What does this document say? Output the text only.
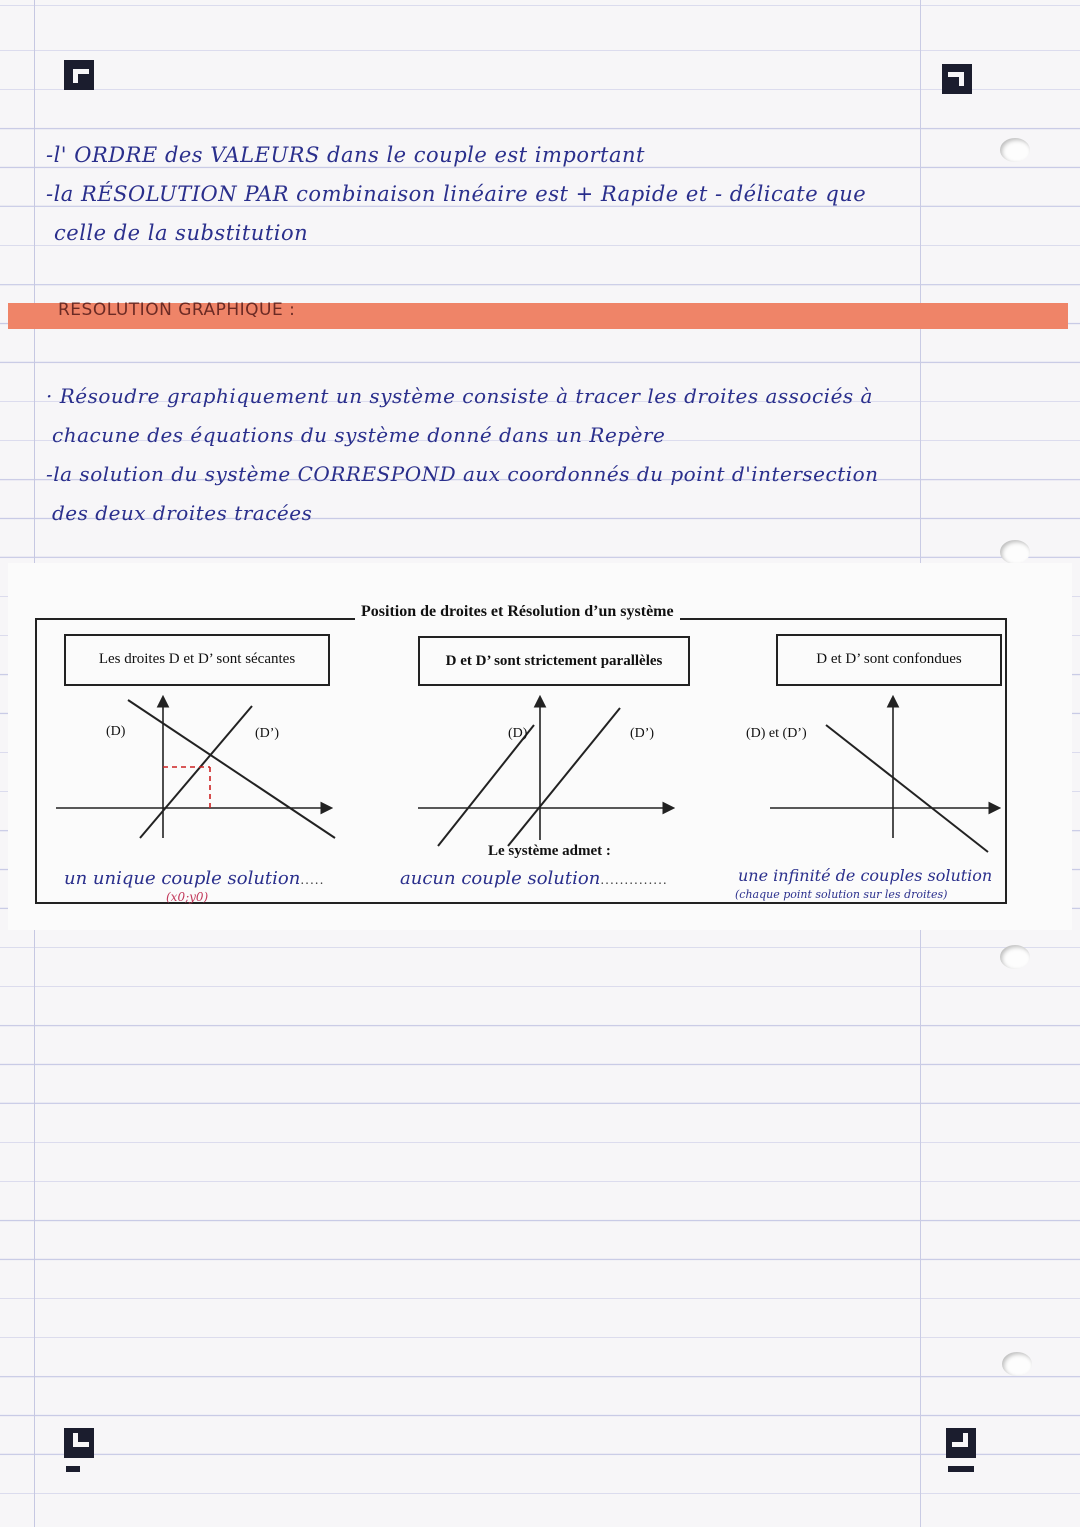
-l' ORDRE des VALEURS dans le couple est important
-la RÉSOLUTION PAR combinaison linéaire est + Rapide et - délicate que
celle de la substitution
RESOLUTION GRAPHIQUE :
· Résoudre graphiquement un système consiste à tracer les droites associés à
chacune des équations du système donné dans un Repère
-la solution du système CORRESPOND aux coordonnés du point d'intersection
des deux droites tracées
Position de droites et Résolution d’un système
Les droites D et D’ sont sécantes	D et D’ sont strictement parallèles	D et D’ sont confondues
(D)	(D’)	(D)	(D’)	(D) et (D’)
Le système admet :
un unique couple solution.....
(x0;y0)
aucun couple solution..............	une infinité de couples solution
(chaque point solution sur les droites)
